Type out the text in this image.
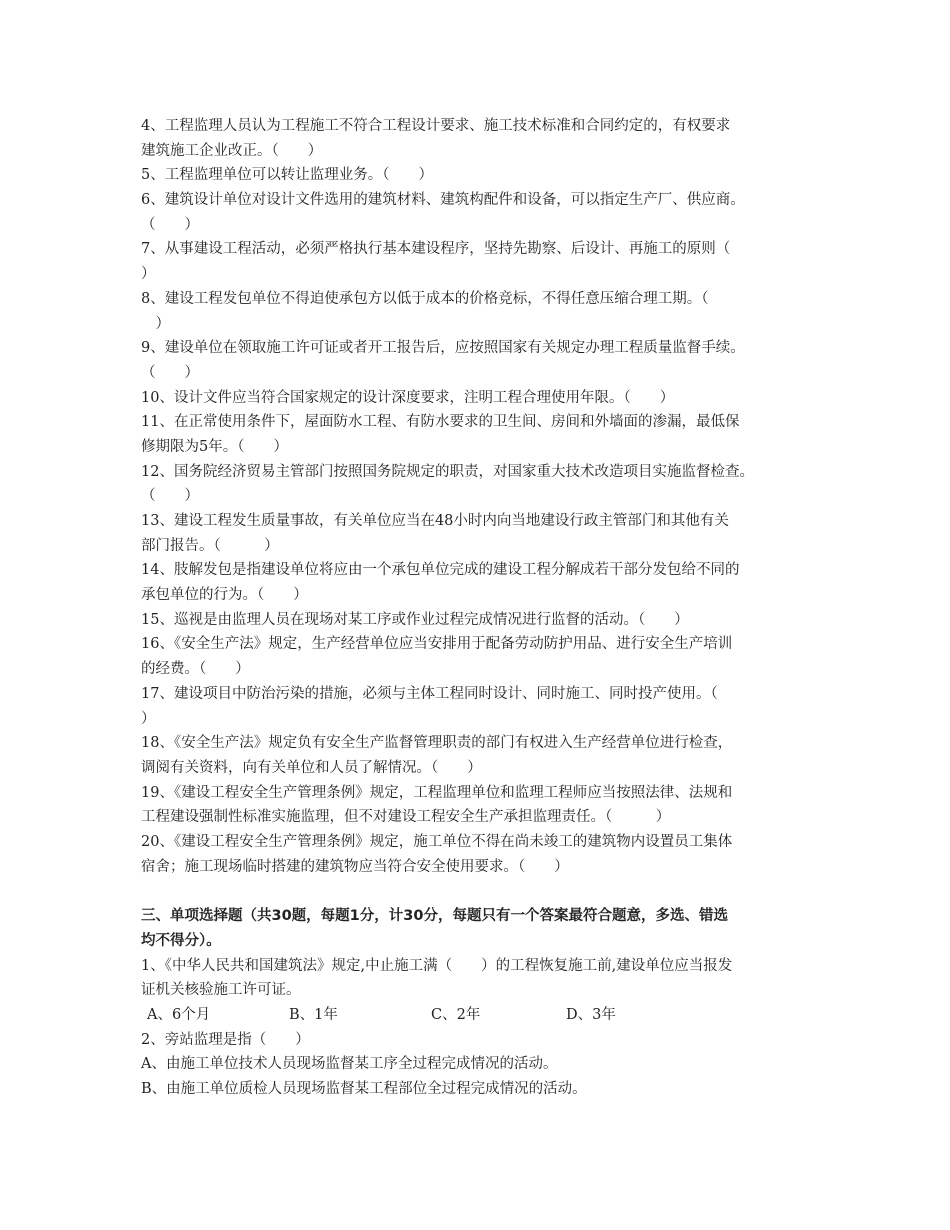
4、工程监理人员认为工程施工不符合工程设计要求、施工技术标准和合同约定的，有权要求
建筑施工企业改正。（　　）
5、工程监理单位可以转让监理业务。（　　）
6、建筑设计单位对设计文件选用的建筑材料、建筑构配件和设备，可以指定生产厂、供应商。
（　　）
7、从事建设工程活动，必须严格执行基本建设程序，坚持先勘察、后设计、再施工的原则（
）
8、建设工程发包单位不得迫使承包方以低于成本的价格竞标，不得任意压缩合理工期。（
　）
9、建设单位在领取施工许可证或者开工报告后，应按照国家有关规定办理工程质量监督手续。
（　　）
10、设计文件应当符合国家规定的设计深度要求，注明工程合理使用年限。（　　）
11、在正常使用条件下，屋面防水工程、有防水要求的卫生间、房间和外墙面的渗漏，最低保
修期限为5年。（　　）
12、国务院经济贸易主管部门按照国务院规定的职责，对国家重大技术改造项目实施监督检查。
（　　）
13、建设工程发生质量事故，有关单位应当在48小时内向当地建设行政主管部门和其他有关
部门报告。（　　　）
14、肢解发包是指建设单位将应由一个承包单位完成的建设工程分解成若干部分发包给不同的
承包单位的行为。（　　）
15、巡视是由监理人员在现场对某工序或作业过程完成情况进行监督的活动。（　　）
16、《安全生产法》规定，生产经营单位应当安排用于配备劳动防护用品、进行安全生产培训
的经费。（　　）
17、建设项目中防治污染的措施，必须与主体工程同时设计、同时施工、同时投产使用。（
）
18、《安全生产法》规定负有安全生产监督管理职责的部门有权进入生产经营单位进行检查，
调阅有关资料，向有关单位和人员了解情况。（　　）
19、《建设工程安全生产管理条例》规定，工程监理单位和监理工程师应当按照法律、法规和
工程建设强制性标准实施监理，但不对建设工程安全生产承担监理责任。（　　　）
20、《建设工程安全生产管理条例》规定，施工单位不得在尚未竣工的建筑物内设置员工集体
宿舍；施工现场临时搭建的建筑物应当符合安全使用要求。（　　）
三、单项选择题（共30题，每题1分，计30分，每题只有一个答案最符合题意，多选、错选
均不得分）。
1、《中华人民共和国建筑法》规定,中止施工满（　　）的工程恢复施工前,建设单位应当报发
证机关核验施工许可证。
A、6个月	B、1年	C、2年	D、3年
2、旁站监理是指（　　）
A、由施工单位技术人员现场监督某工序全过程完成情况的活动。
B、由施工单位质检人员现场监督某工程部位全过程完成情况的活动。
